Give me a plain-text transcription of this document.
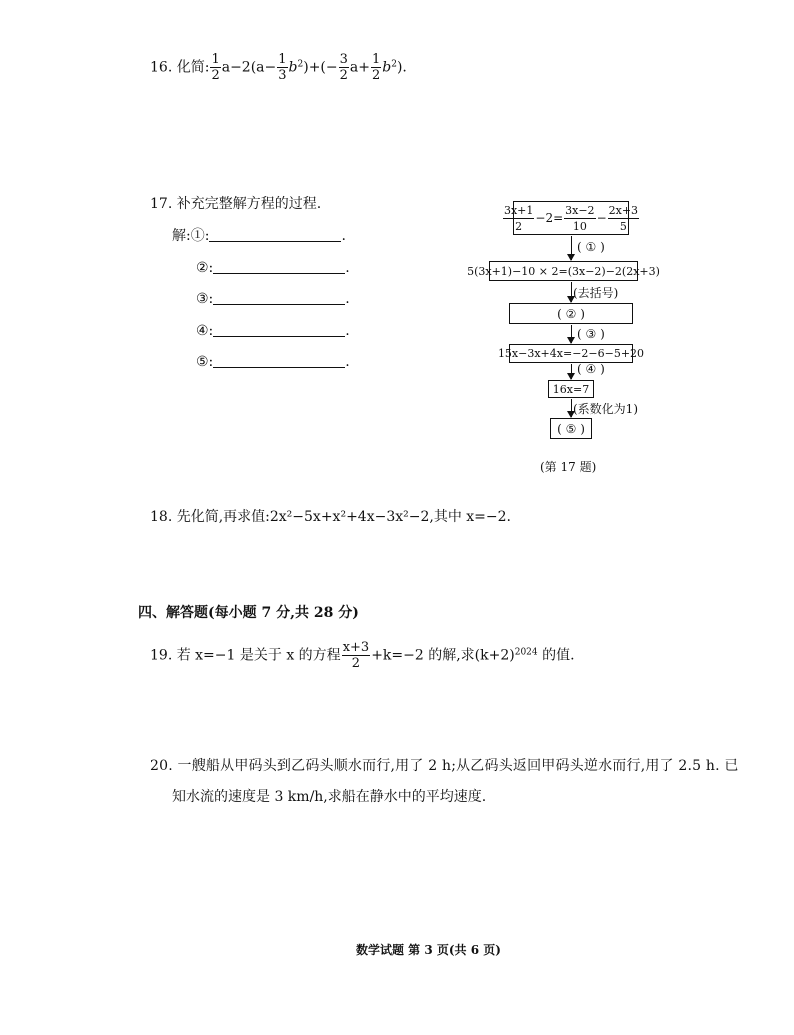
16. 化简: $\frac{1}{2} a-2(a- \frac{1}{3} b^2)+(- \frac{3}{2} a+ \frac{1}{2} b^2)$.
17. 补充完整解方程的过程.
解:①:	.
②:	.
③:	.
④:	.
⑤:	.
$\frac{3x+1}{2} -2= \frac{3x-2}{10} - \frac{2x+3}{5}$
( ① )
5(3x+1)−10 × 2=(3x−2)−2(2x+3)
(去括号)
( ② )
( ③ )
15x−3x+4x=−2−6−5+20
( ④ )
16x=7
(系数化为1)
( ⑤ )
(第 17 题)
18. 先化简,再求值:2x²−5x+x²+4x−3x²−2,其中 x=−2.
四、解答题(每小题 7 分,共 28 分)
19. 若 x=−1 是关于 x 的方程 $\frac{x+3}{2} +k=-2$ 的解,求$(k+2)^{2024}$ 的值.
20. 一艘船从甲码头到乙码头顺水而行,用了 2 h;从乙码头返回甲码头逆水而行,用了 2.5 h. 已
知水流的速度是 3 km/h,求船在静水中的平均速度.
数学试题 第 3 页(共 6 页)
